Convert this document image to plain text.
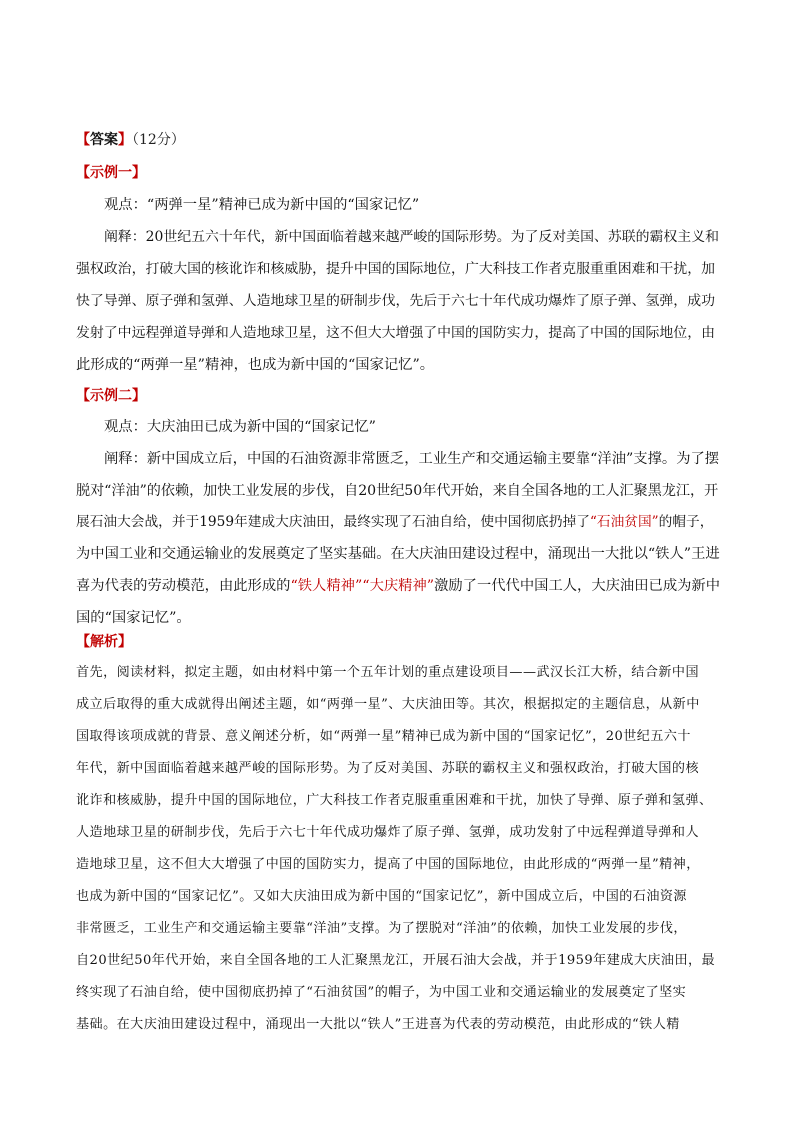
【答案】（12分）
【示例一】
观点：“两弹一星”精神已成为新中国的“国家记忆”
阐释：20世纪五六十年代，新中国面临着越来越严峻的国际形势。为了反对美国、苏联的霸权主义和
强权政治，打破大国的核讹诈和核威胁，提升中国的国际地位，广大科技工作者克服重重困难和干扰，加
快了导弹、原子弹和氢弹、人造地球卫星的研制步伐，先后于六七十年代成功爆炸了原子弹、氢弹，成功
发射了中远程弹道导弹和人造地球卫星，这不但大大增强了中国的国防实力，提高了中国的国际地位，由
此形成的“两弹一星”精神，也成为新中国的“国家记忆”。
【示例二】
观点：大庆油田已成为新中国的“国家记忆”
阐释：新中国成立后，中国的石油资源非常匮乏，工业生产和交通运输主要靠“洋油”支撑。为了摆
脱对“洋油”的依赖，加快工业发展的步伐，自20世纪50年代开始，来自全国各地的工人汇聚黑龙江，开
展石油大会战，并于1959年建成大庆油田，最终实现了石油自给，使中国彻底扔掉了“石油贫国”的帽子，
为中国工业和交通运输业的发展奠定了坚实基础。在大庆油田建设过程中，涌现出一大批以“铁人”王进
喜为代表的劳动模范，由此形成的“铁人精神”“大庆精神”激励了一代代中国工人，大庆油田已成为新中
国的“国家记忆”。
【解析】
首先，阅读材料，拟定主题，如由材料中第一个五年计划的重点建设项目——武汉长江大桥，结合新中国
成立后取得的重大成就得出阐述主题，如“两弹一星”、大庆油田等。其次，根据拟定的主题信息，从新中
国取得该项成就的背景、意义阐述分析，如“两弹一星”精神已成为新中国的“国家记忆”，20世纪五六十
年代，新中国面临着越来越严峻的国际形势。为了反对美国、苏联的霸权主义和强权政治，打破大国的核
讹诈和核威胁，提升中国的国际地位，广大科技工作者克服重重困难和干扰，加快了导弹、原子弹和氢弹、
人造地球卫星的研制步伐，先后于六七十年代成功爆炸了原子弹、氢弹，成功发射了中远程弹道导弹和人
造地球卫星，这不但大大增强了中国的国防实力，提高了中国的国际地位，由此形成的“两弹一星”精神，
也成为新中国的“国家记忆”。又如大庆油田成为新中国的“国家记忆”，新中国成立后，中国的石油资源
非常匮乏，工业生产和交通运输主要靠“洋油”支撑。为了摆脱对“洋油”的依赖，加快工业发展的步伐，
自20世纪50年代开始，来自全国各地的工人汇聚黑龙江，开展石油大会战，并于1959年建成大庆油田，最
终实现了石油自给，使中国彻底扔掉了“石油贫国”的帽子，为中国工业和交通运输业的发展奠定了坚实
基础。在大庆油田建设过程中，涌现出一大批以“铁人”王进喜为代表的劳动模范，由此形成的“铁人精
